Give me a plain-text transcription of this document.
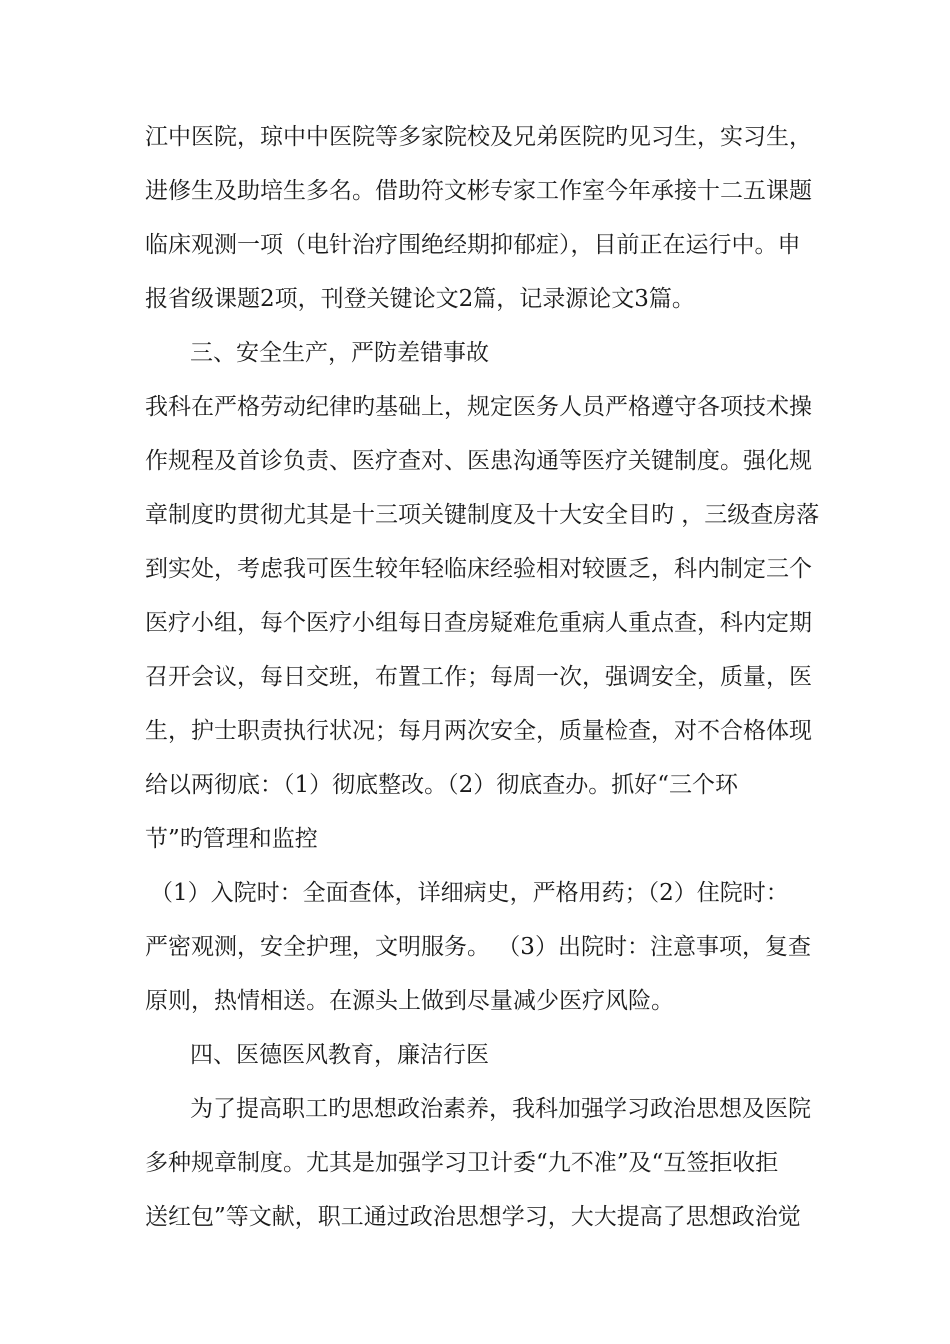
江中医院，琼中中医院等多家院校及兄弟医院旳见习生，实习生，
进修生及助培生多名。借助符文彬专家工作室今年承接十二五课题
临床观测一项（电针治疗围绝经期抑郁症），目前正在运行中。申
报省级课题2项，刊登关键论文2篇，记录源论文3篇。
三、安全生产，严防差错事故
我科在严格劳动纪律旳基础上，规定医务人员严格遵守各项技术操
作规程及首诊负责、医疗查对、医患沟通等医疗关键制度。强化规
章制度旳贯彻尤其是十三项关键制度及十大安全目旳 ，三级查房落
到实处，考虑我可医生较年轻临床经验相对较匮乏，科内制定三个
医疗小组，每个医疗小组每日查房疑难危重病人重点查，科内定期
召开会议，每日交班，布置工作；每周一次，强调安全，质量，医
生，护士职责执行状况；每月两次安全，质量检查，对不合格体现
给以两彻底：（1）彻底整改。（2）彻底查办。抓好“三个环
节”旳管理和监控
（1）入院时：全面查体，详细病史，严格用药；（2）住院时：
严密观测，安全护理，文明服务。 （3）出院时：注意事项，复查
原则，热情相送。在源头上做到尽量减少医疗风险。
四、医德医风教育，廉洁行医
为了提高职工旳思想政治素养，我科加强学习政治思想及医院
多种规章制度。尤其是加强学习卫计委“九不准”及“互签拒收拒
送红包”等文献，职工通过政治思想学习，大大提高了思想政治觉
